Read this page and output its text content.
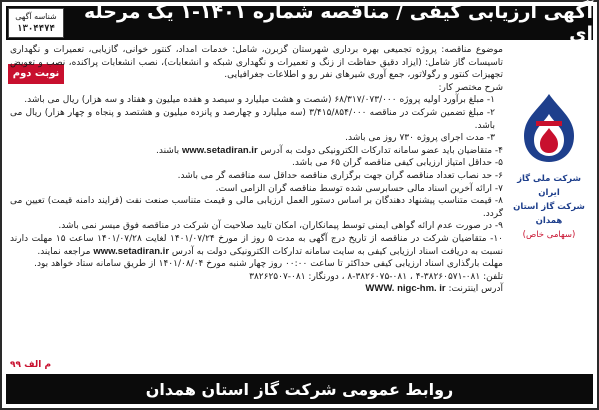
آگهی ارزیابی کیفی / مناقصه شماره ۱۴۰۱-۱ یک مرحله ای
شناسه آگهی
۱۳۰۴۴۷۴
نوبت دوم
شرکت ملی گاز ایران
شرکت گاز استان
همدان
(سهامی خاص)

موضوع مناقصه: پروژه تجمیعی بهره برداری شهرستان گزبرن، شامل: خدمات امداد، کنتور خوانی، گازیابی، تعمیرات و نگهداری تاسیسات گاز شامل: (ایزاد دقیق حفاظت از زنگ و تعمیرات و نگهداری شبکه و انشعابات)، نصب انشعابات پراکنده، نصب و تعویض تجهیزات کنتور و رگولاتور، جمع آوری شیرهای نفر رو و اطلاعات جغرافیایی.

شرح مختصر کار:

۱- مبلغ برآورد اولیه پروژه ۶۸/۳۱۷/۰۷۳/۰۰۰ (شصت و هشت میلیارد و سیصد و هفده میلیون و هفتاد و سه هزار) ریال می باشد.

۲- مبلغ تضمین شرکت در مناقصه ۳/۴۱۵/۸۵۴/۰۰۰ (سه میلیارد و چهارصد و پانزده میلیون و هشتصد و پنجاه و چهار هزار) ریال می باشد.

۳- مدت اجرای پروژه ۷۳۰ روز می باشد.

۴- متقاضیان باید عضو سامانه تدارکات الکترونیکی دولت به آدرس www.setadiran.ir باشند.

۵- حداقل امتیاز ارزیابی کیفی مناقصه گران ۶۵ می باشد.

۶- حد نصاب تعداد مناقصه گران جهت برگزاری مناقصه حداقل سه مناقصه گر می باشد.

۷- ارائه آخرین اسناد مالی حسابرسی شده توسط مناقصه گران الزامی است.

۸- قیمت متناسب پیشنهاد دهندگان بر اساس دستور العمل ارزیابی مالی و قیمت متناسب صنعت نفت (فرایند دامنه قیمت) تعیین می گردد.

۹- در صورت عدم ارائه گواهی ایمنی توسط پیمانکاران، امکان تایید صلاحیت آن شرکت در مناقصه فوق میسر نمی باشد.

۱۰- متقاضیان شرکت در مناقصه از تاریخ درج آگهی به مدت ۵ روز از مورخ ۱۴۰۱/۰۷/۲۴ لغایت ۱۴۰۱/۰۷/۲۸ ساعت ۱۵ مهلت دارند نسبت به دریافت اسناد ارزیابی کیفی به سایت سامانه تدارکات الکترونیکی دولت به آدرس www.setadiran.ir مراجعه نمایند.

مهلت بارگذاری اسناد ارزیابی کیفی حداکثر تا ساعت ۰۰:۰۰ روز چهار شنبه مورخ ۱۴۰۱/۰۸/۰۴ از طریق سامانه ستاد خواهد بود.

تلفن: ۰۸۱-۳۸۲۶۰۵۷۱-۴ ، ۰۸۱-۳۸۲۶۰۷۵-۸ ، دورنگار: ۰۸۱-۳۸۲۶۲۵۰۷

آدرس اینترنت: WWW. nigc-hm. ir

م الف ۹۹
روابط عمومی شرکت گاز استان همدان
